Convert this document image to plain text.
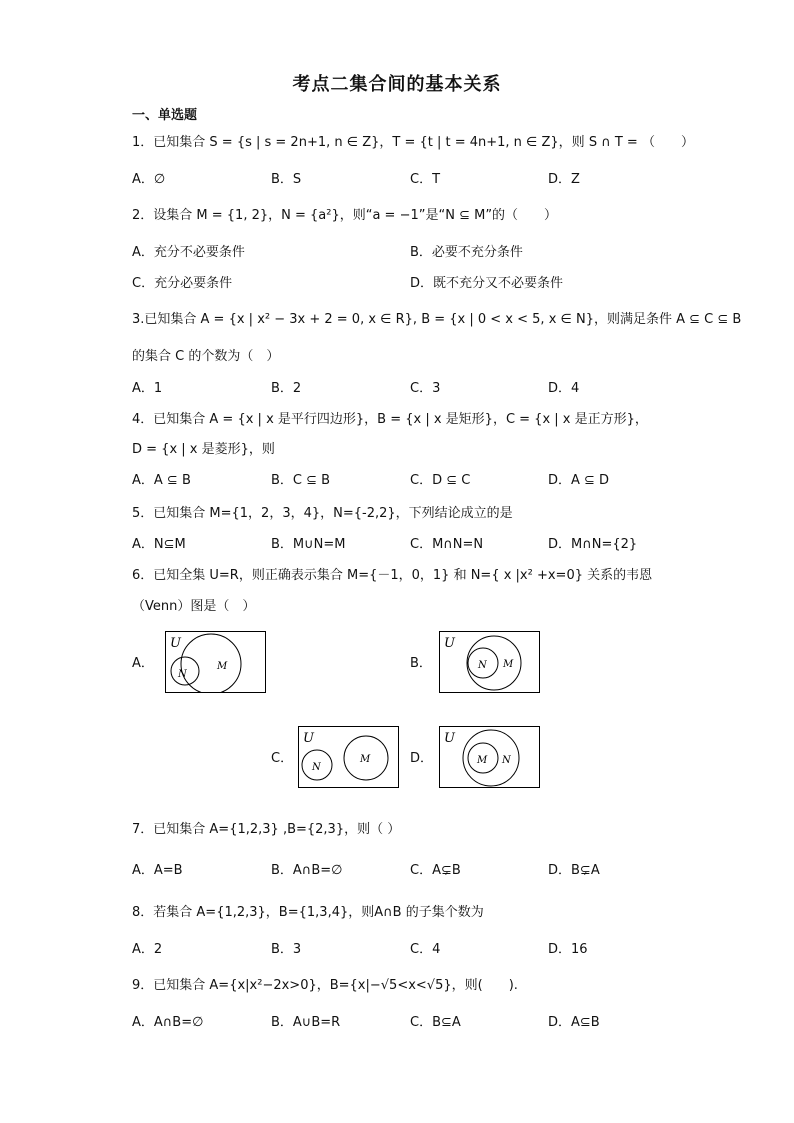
考点二集合间的基本关系
一、单选题
1．已知集合 S = {s | s = 2n+1, n ∈ Z}，T = {t | t = 4n+1, n ∈ Z}，则 S ∩ T = （　　）
A．∅	B．S	C．T	D．Z
2．设集合 M = {1, 2}，N = {a²}，则“a = −1”是“N ⊆ M”的（　　）
A．充分不必要条件	B．必要不充分条件
C．充分必要条件	D．既不充分又不必要条件
3.已知集合 A = {x | x² − 3x + 2 = 0, x ∈ R}, B = {x | 0 < x < 5, x ∈ N}，则满足条件 A ⊆ C ⊆ B
的集合 C 的个数为（　）
A．1	B．2	C．3	D．4
4．已知集合 A = {x | x 是平行四边形}，B = {x | x 是矩形}，C = {x | x 是正方形}，
D = {x | x 是菱形}，则
A．A ⊆ B	B．C ⊆ B	C．D ⊆ C	D．A ⊆ D
5．已知集合 M={1，2，3，4}，N={-2,2}，下列结论成立的是
A．N⊆M	B．M∪N=M	C．M∩N=N	D．M∩N={2}
6．已知全集 U=R，则正确表示集合 M={－1，0，1} 和 N={ x |x² +x=0} 关系的韦恩
（Venn）图是（　）
A．
U
M
N
B．
U
M
N
C．
U
M
N
D．
U
M N
7．已知集合 A={1,2,3} ,B={2,3}，则（ ）
A．A=B	B．A∩B=∅	C．A⊊B	D．B⊊A
8．若集合 A={1,2,3}，B={1,3,4}，则A∩B 的子集个数为
A．2	B．3	C．4	D．16
9．已知集合 A={x|x²−2x>0}，B={x|−√5<x<√5}，则(　　).
A．A∩B=∅	B．A∪B=R	C．B⊆A	D．A⊆B
